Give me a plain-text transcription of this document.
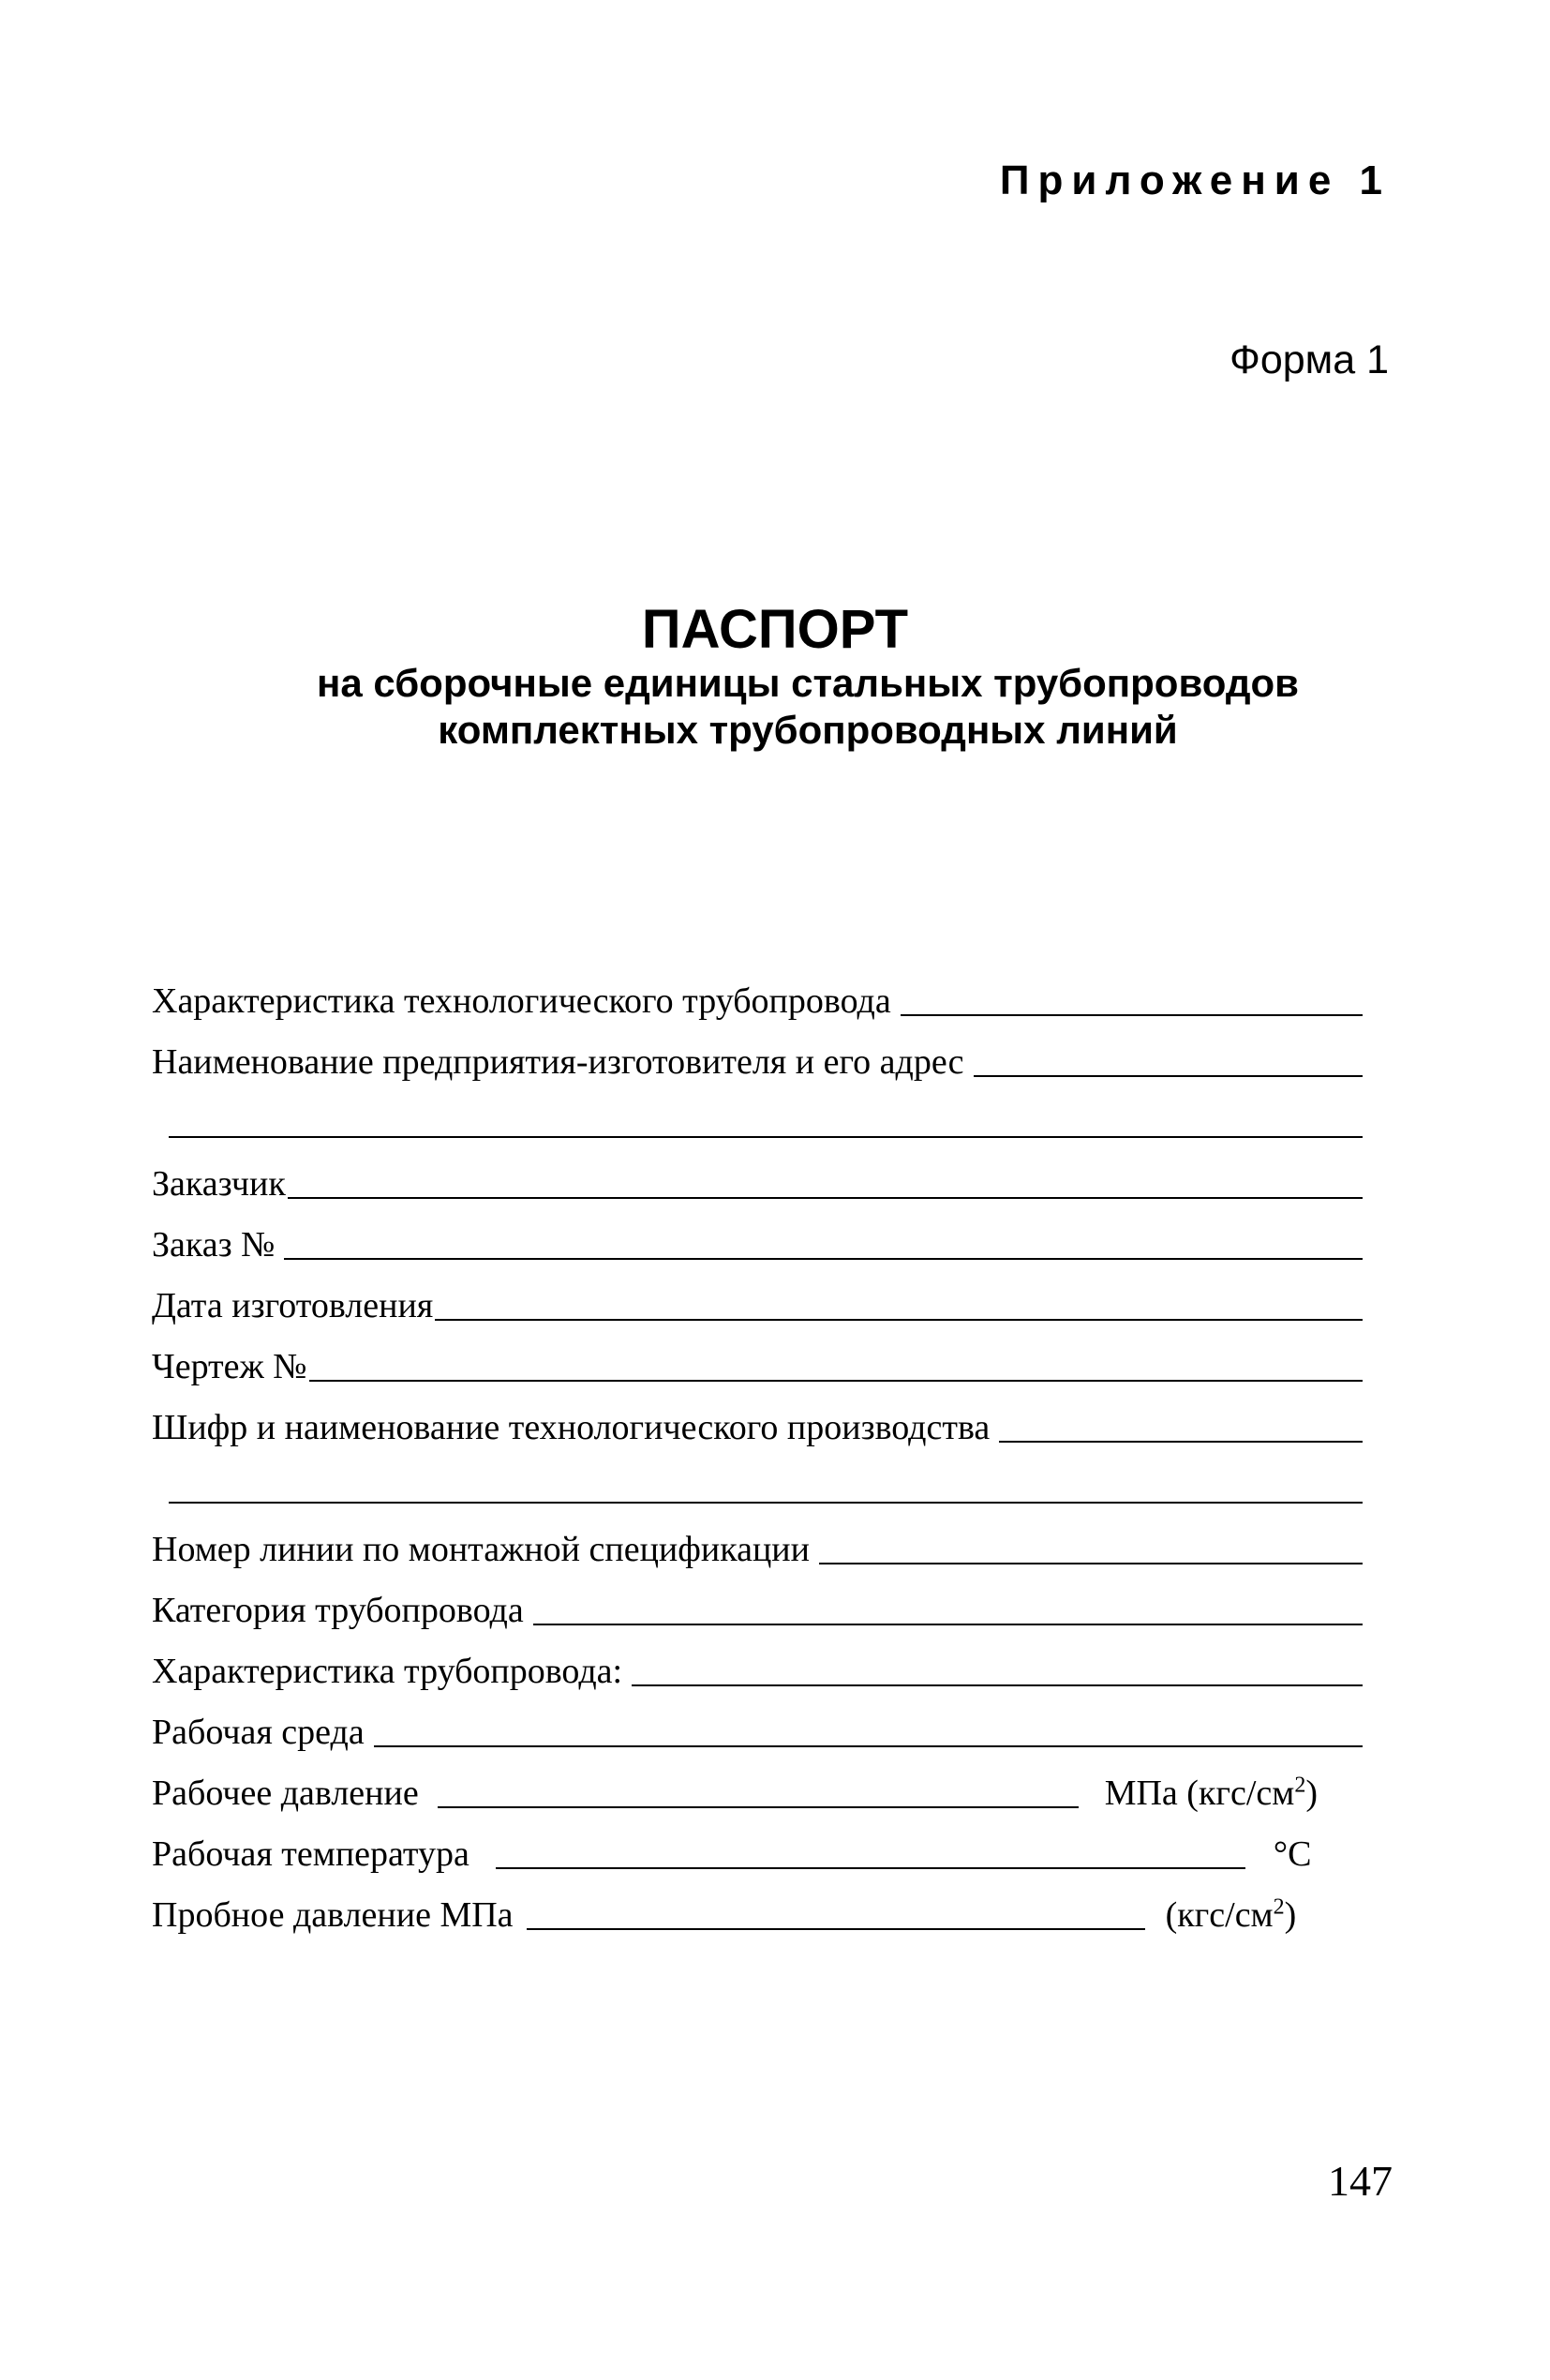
Приложение 1
Форма 1
ПАСПОРТ
на сборочные единицы стальных трубопроводов
комплектных трубопроводных линий
Характеристика технологического трубопровода
Наименование предприятия-изготовителя и его адрес
Заказчик
Заказ №
Дата изготовления
Чертеж №
Шифр и наименование технологического производства
Номер линии по монтажной спецификации
Категория трубопровода
Характеристика трубопровода:
Рабочая среда
Рабочее давление	МПа $(кгс/см^2)$
Рабочая температура	°С
Пробное давление МПа	$(кгс/см^2)$
147
